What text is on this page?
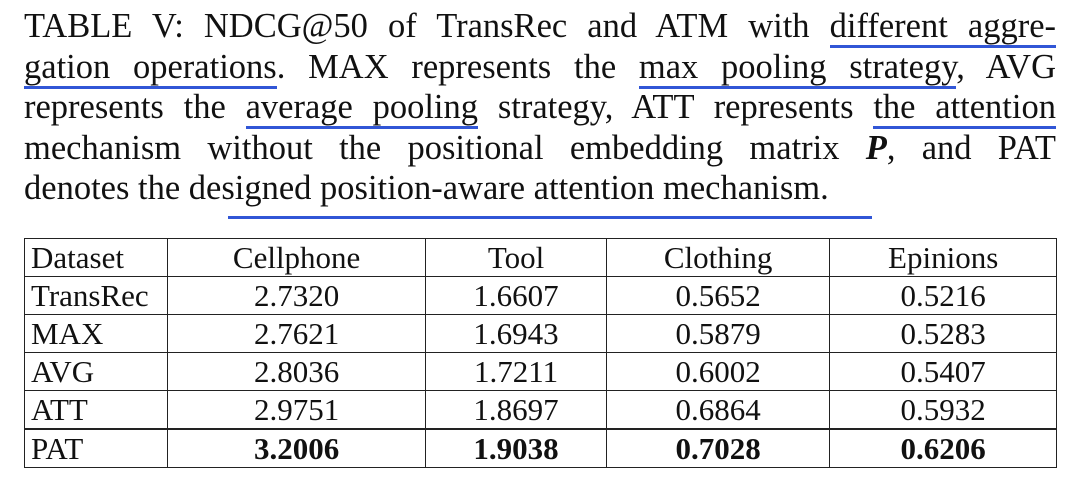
TABLE V: NDCG@50 of TransRec and ATM with different aggre-
gation operations. MAX represents the max pooling strategy, AVG
represents the average pooling strategy, ATT represents the attention
mechanism without the positional embedding matrix P, and PAT
denotes the designed position-aware attention mechanism.
Dataset	Cellphone	Tool	Clothing	Epinions
TransRec	2.7320	1.6607	0.5652	0.5216
MAX	2.7621	1.6943	0.5879	0.5283
AVG	2.8036	1.7211	0.6002	0.5407
ATT	2.9751	1.8697	0.6864	0.5932
PAT	3.2006	1.9038	0.7028	0.6206
